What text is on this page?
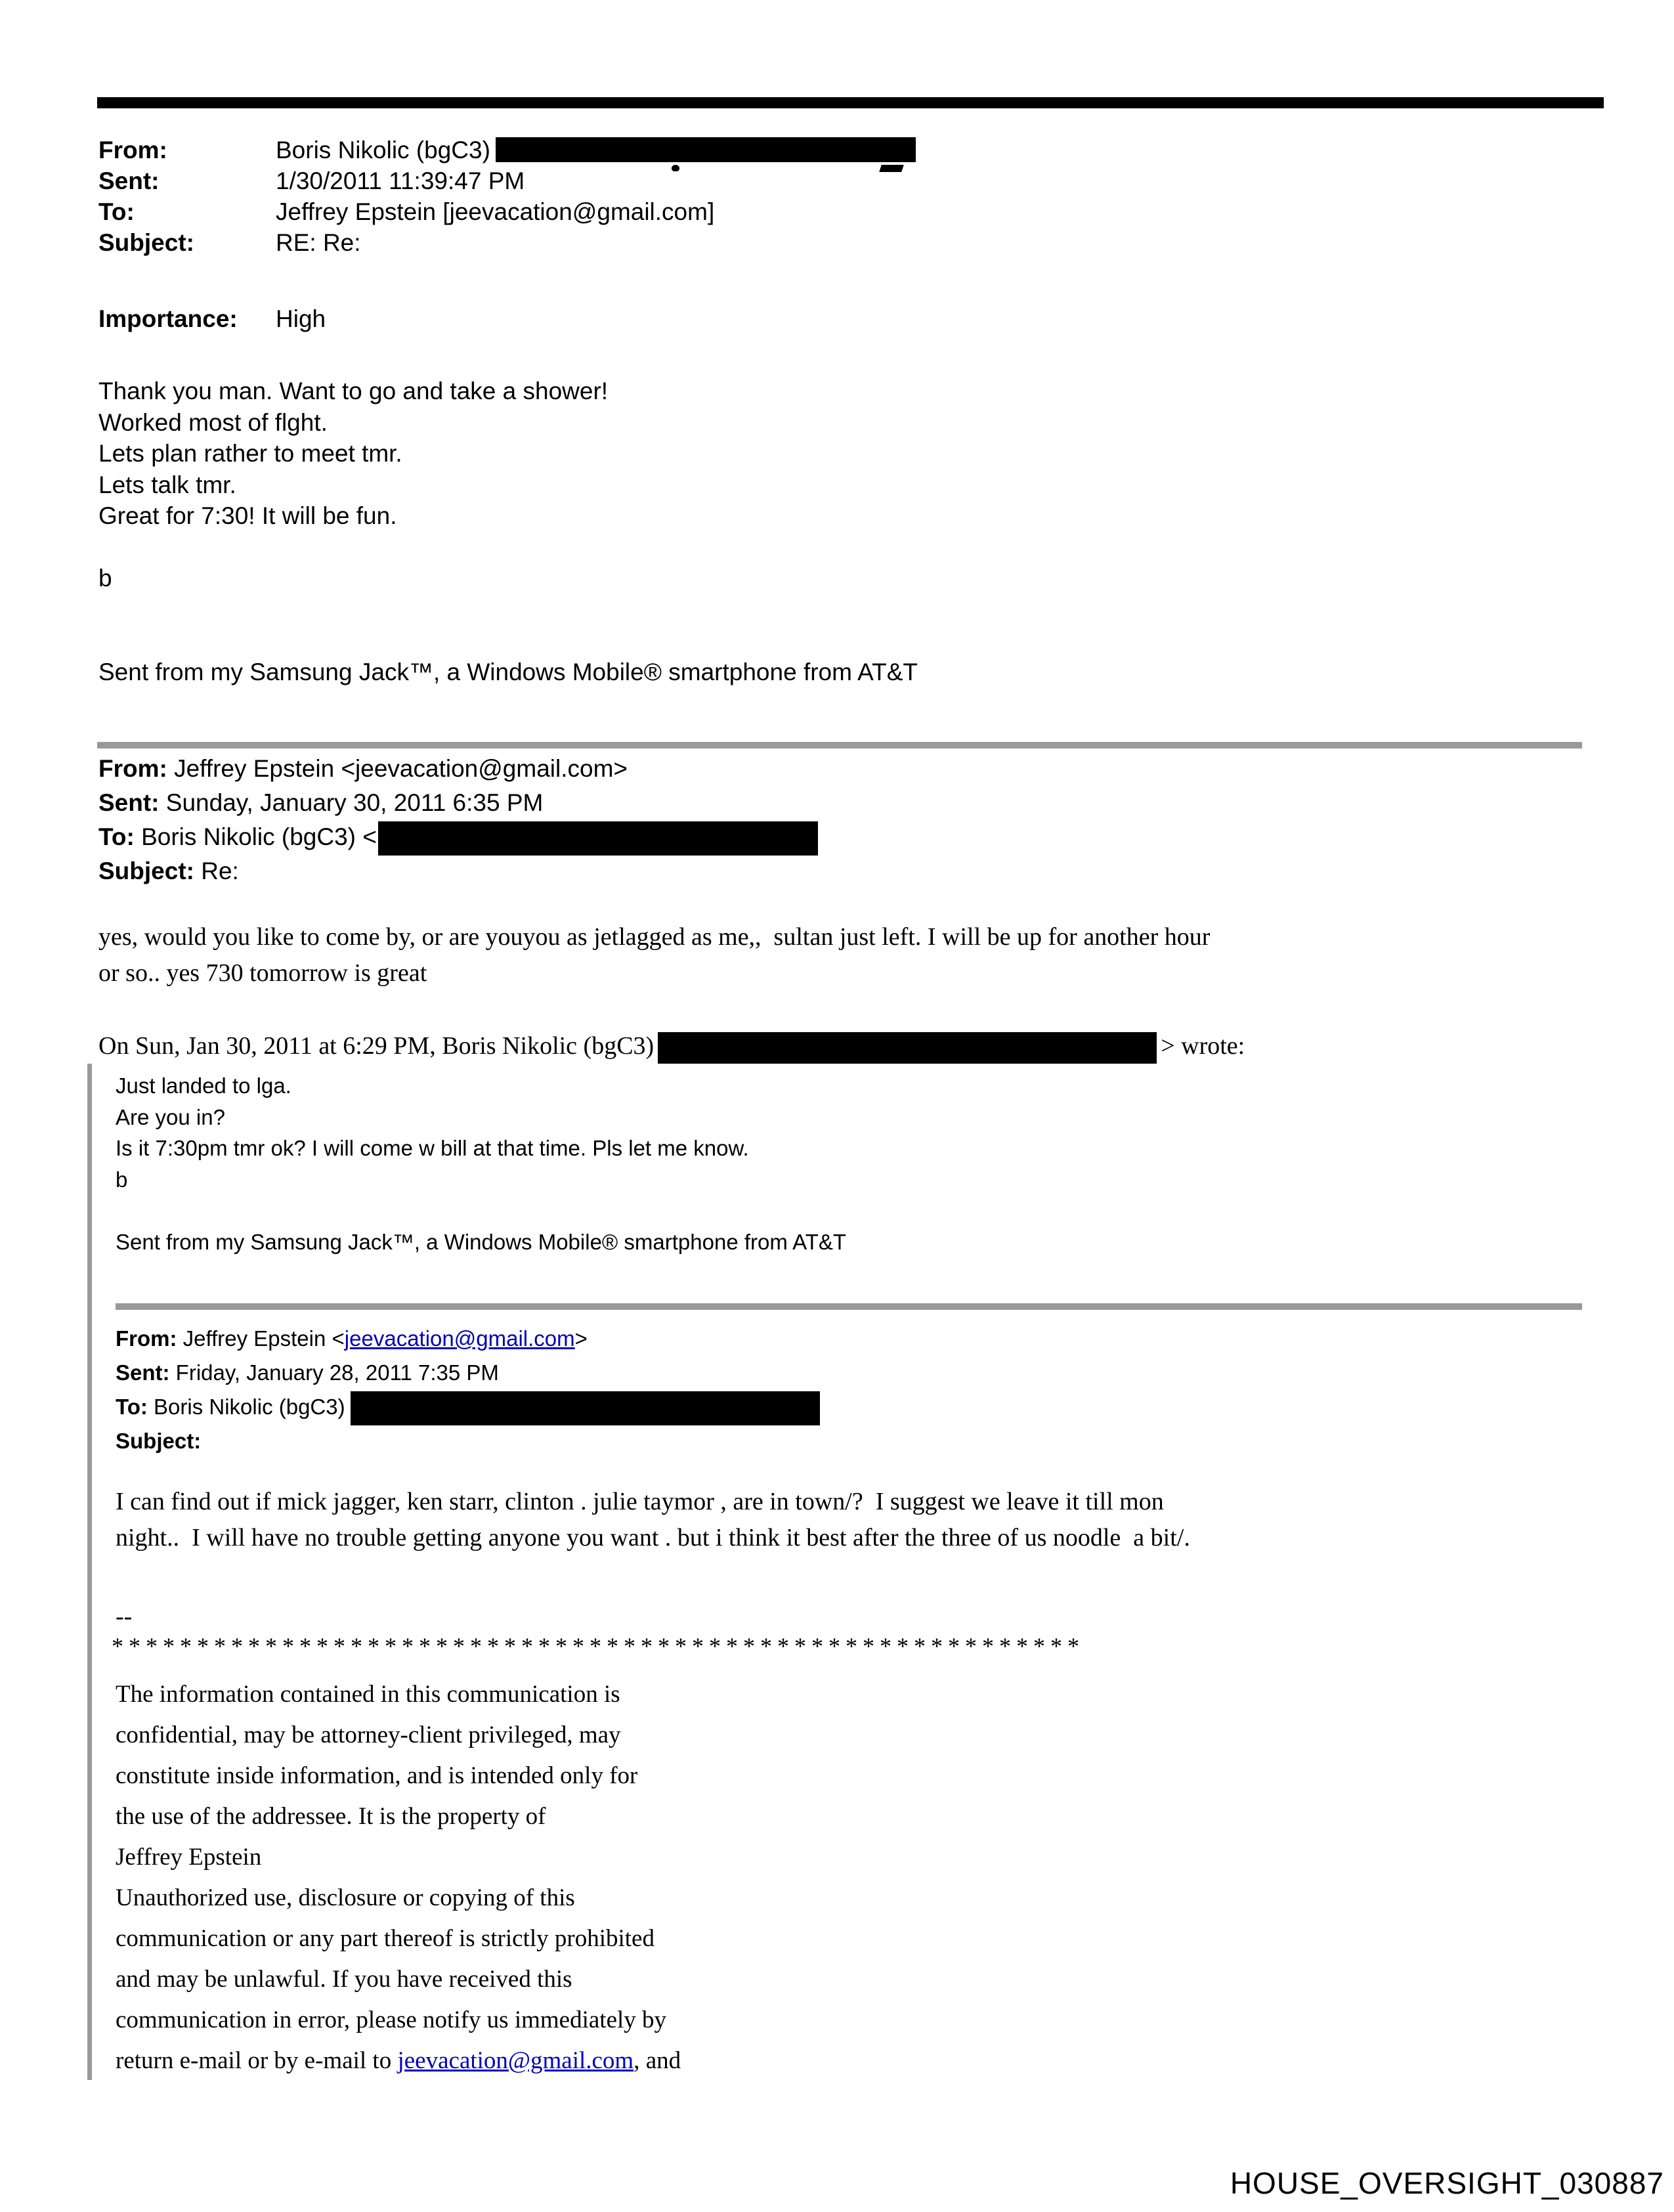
From:	Boris Nikolic (bgC3)
Sent:	1/30/2011 11:39:47 PM
To:	Jeffrey Epstein [jeevacation@gmail.com]
Subject:	RE: Re:
Importance:	High
Thank you man. Want to go and take a shower!
Worked most of flght.
Lets plan rather to meet tmr.
Lets talk tmr.
Great for 7:30! It will be fun.

b

Sent from my Samsung Jack™, a Windows Mobile® smartphone from AT&T
From: Jeffrey Epstein <jeevacation@gmail.com>
Sent: Sunday, January 30, 2011 6:35 PM
To: Boris Nikolic (bgC3) <
Subject: Re:
yes, would you like to come by, or are youyou as jetlagged as me,,  sultan just left. I will be up for another hour
or so.. yes 730 tomorrow is great
On Sun, Jan 30, 2011 at 6:29 PM, Boris Nikolic (bgC3)	> wrote:
Just landed to lga.
Are you in?
Is it 7:30pm tmr ok? I will come w bill at that time. Pls let me know.
b

Sent from my Samsung Jack™, a Windows Mobile® smartphone from AT&T
From: Jeffrey Epstein <jeevacation@gmail.com>
Sent: Friday, January 28, 2011 7:35 PM
To: Boris Nikolic (bgC3)
Subject:
I can find out if mick jagger, ken starr, clinton . julie taymor , are in town/?  I suggest we leave it till mon
night..  I will have no trouble getting anyone you want . but i think it best after the three of us noodle  a bit/.
--
*********************************************************
The information contained in this communication is
confidential, may be attorney-client privileged, may
constitute inside information, and is intended only for
the use of the addressee. It is the property of
Jeffrey Epstein
Unauthorized use, disclosure or copying of this
communication or any part thereof is strictly prohibited
and may be unlawful. If you have received this
communication in error, please notify us immediately by
return e-mail or by e-mail to jeevacation@gmail.com, and
HOUSE_OVERSIGHT_030887
